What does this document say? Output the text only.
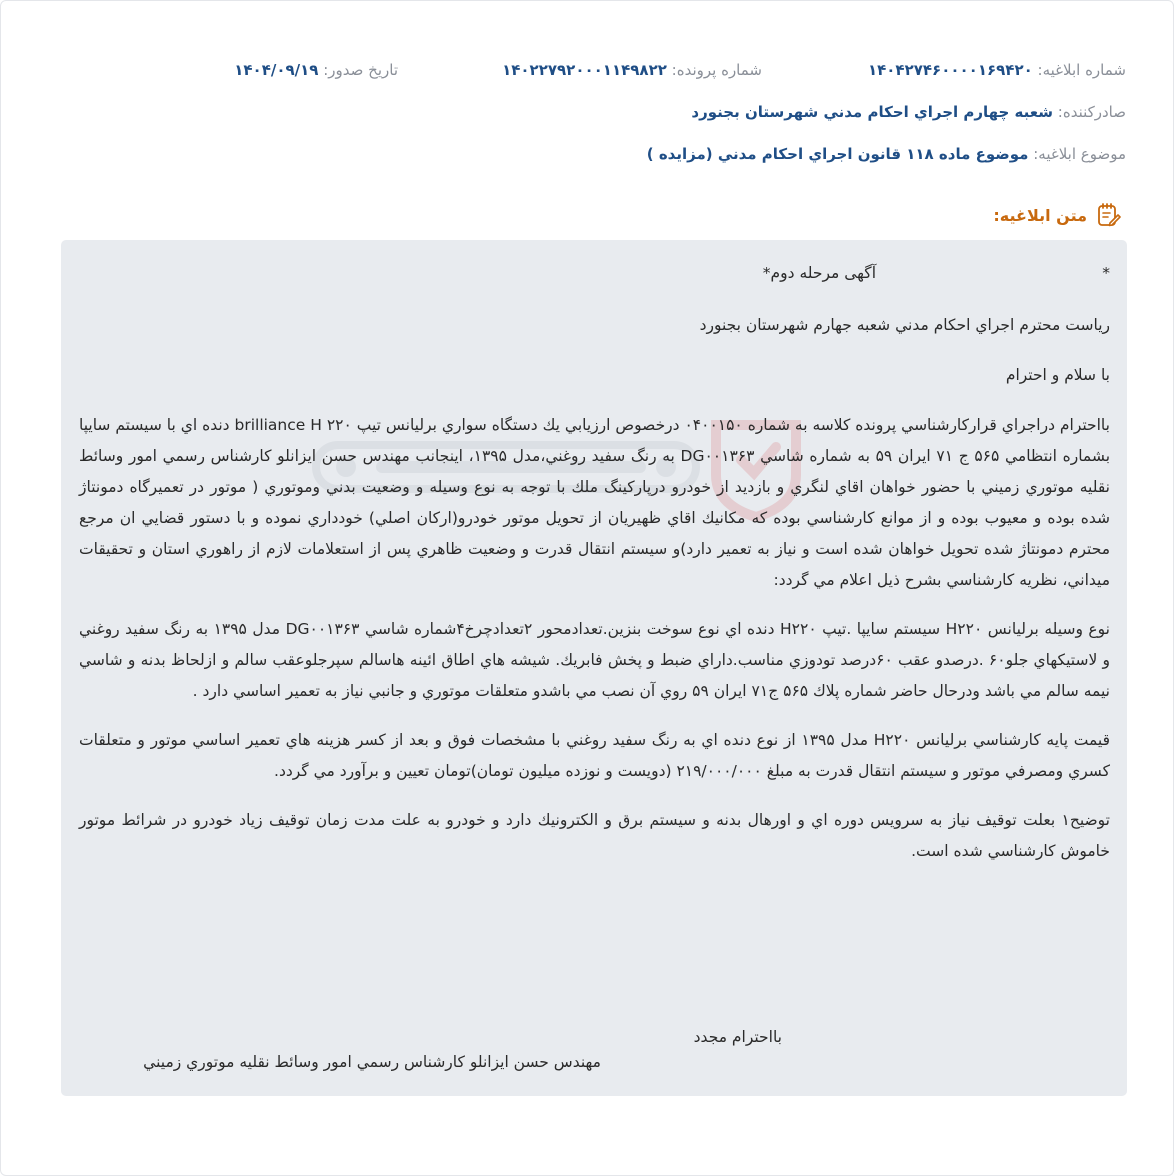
شماره ابلاغيه: ۱۴۰۴۲۷۴۶۰۰۰۰۱۶۹۴۲۰
شماره پرونده: ۱۴۰۲۲۷۹۲۰۰۰۱۱۴۹۸۲۲
تاريخ صدور: ۱۴۰۴/۰۹/۱۹
صادرکننده: شعبه چهارم اجراي احكام مدني شهرستان بجنورد
موضوع ابلاغيه: موضوع ماده ۱۱۸ قانون اجراي احکام مدني (مزايده )
متن ابلاغيه:
*
آگهی مرحله دوم*

رياست محترم اجراي احكام مدني شعبه جهارم شهرستان بجنورد

با سلام و احترام

بااحترام دراجراي قرارکارشناسي پرونده كلاسه به شماره ۰۴۰۰۱۵۰ درخصوص ارزيابي يك دستگاه سواري برليانس تيپ brilliance H ۲۲۰ دنده اي با سيستم سايپا بشماره انتظامي ۵۶۵ ج ۷۱ ايران ۵۹ به شماره شاسي DG۰۰۱۳۶۳ به رنگ سفيد روغني،مدل ۱۳۹۵، اينجانب مهندس حسن ايزانلو كارشناس رسمي امور وسائط نقليه موتوري زميني با حضور خواهان اقاي لنگري و بازديد از خودرو درپاركينگ ملك با توجه به نوع وسيله و وضعيت بدني وموتوري ( موتور در تعميرگاه دمونتاژ شده بوده و معيوب بوده و از موانع كارشناسي بوده كه مكانيك اقاي ظهيريان از تحويل موتور خودرو(اركان اصلي) خودداري نموده و با دستور قضايي ان مرجع محترم دمونتاژ شده تحويل خواهان شده است و نياز به تعمير دارد)و سيستم انتقال قدرت و وضعيت ظاهري پس از استعلامات لازم از راهوري استان و تحقيقات ميداني، نظريه كارشناسي بشرح ذيل اعلام مي گردد:

نوع وسيله برليانس H۲۲۰ سيستم سايپا .تيپ H۲۲۰ دنده اي نوع سوخت بنزين.تعدادمحور ۲تعدادچرخ۴شماره شاسي DG۰۰۱۳۶۳ مدل ۱۳۹۵ به رنگ سفيد روغني و لاستيكهاي جلو۶۰ .درصدو عقب ۶۰درصد تودوزي مناسب.داراي ضبط و پخش فابريك. شيشه هاي اطاق ائينه هاسالم سپرجلوعقب سالم و ازلحاظ بدنه و شاسي نيمه سالم مي باشد ودرحال حاضر شماره پلاك ۵۶۵ ج۷۱ ايران ۵۹ روي آن نصب مي باشدو متعلقات موتوري و جانبي نياز به تعمير اساسي دارد .

قيمت پايه كارشناسي برليانس H۲۲۰ مدل ۱۳۹۵ از نوع دنده اي به رنگ سفيد روغني با مشخصات فوق و بعد از كسر هزينه هاي تعمير اساسي موتور و متعلقات كسري ومصرفي موتور و سيستم انتقال قدرت به مبلغ ۲۱۹/۰۰۰/۰۰۰ (دويست و نوزده ميليون تومان)تومان تعيين و برآورد مي گردد.

توضيح۱ بعلت توقيف نياز به سرويس دوره اي و اورهال بدنه و سيستم برق و الكترونيك دارد و خودرو به علت مدت زمان توقيف زياد خودرو در شرائط موتور خاموش كارشناسي شده است.

بااحترام مجدد
مهندس حسن ايزانلو كارشناس رسمي امور وسائط نقليه موتوري زميني
